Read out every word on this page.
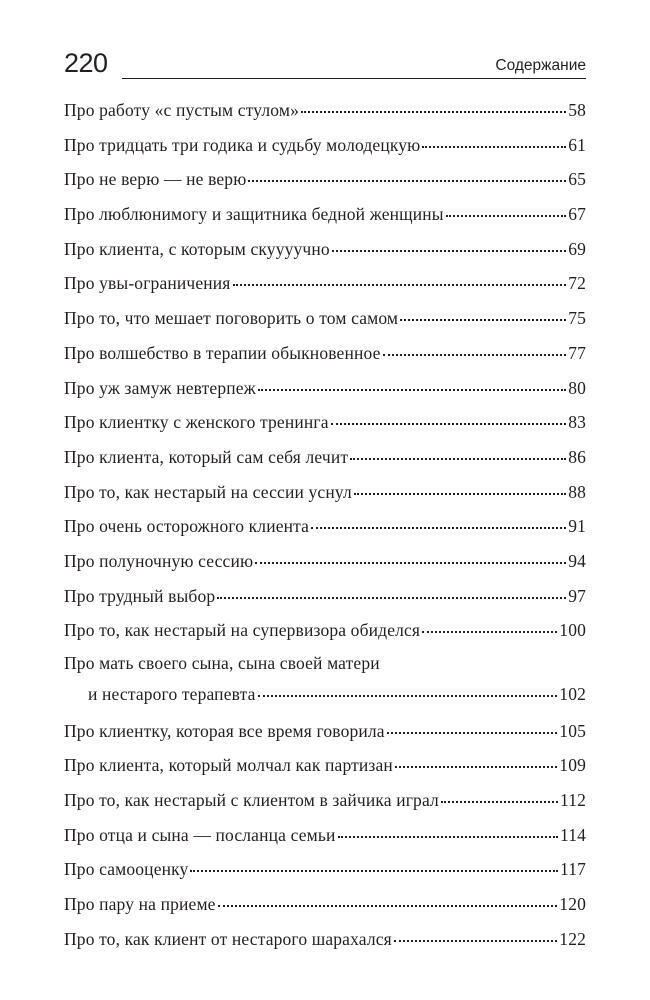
220	Содержание
Про работу «с пустым стулом»	58
Про тридцать три годика и судьбу молодецкую	61
Про не верю — не верю	65
Про люблюнимогу и защитника бедной женщины	67
Про клиента, с которым скуууучно	69
Про увы-ограничения	72
Про то, что мешает поговорить о том самом	75
Про волшебство в терапии обыкновенное	77
Про уж замуж невтерпеж	80
Про клиентку с женского тренинга	83
Про клиента, который сам себя лечит	86
Про то, как нестарый на сессии уснул	88
Про очень осторожного клиента	91
Про полуночную сессию	94
Про трудный выбор	97
Про то, как нестарый на супервизора обиделся	100
Про мать своего сына, сына своей матери
и нестарого терапевта	102
Про клиентку, которая все время говорила	105
Про клиента, который молчал как партизан	109
Про то, как нестарый с клиентом в зайчика играл	112
Про отца и сына — посланца семьи	114
Про самооценку	117
Про пару на приеме	120
Про то, как клиент от нестарого шарахался	122
